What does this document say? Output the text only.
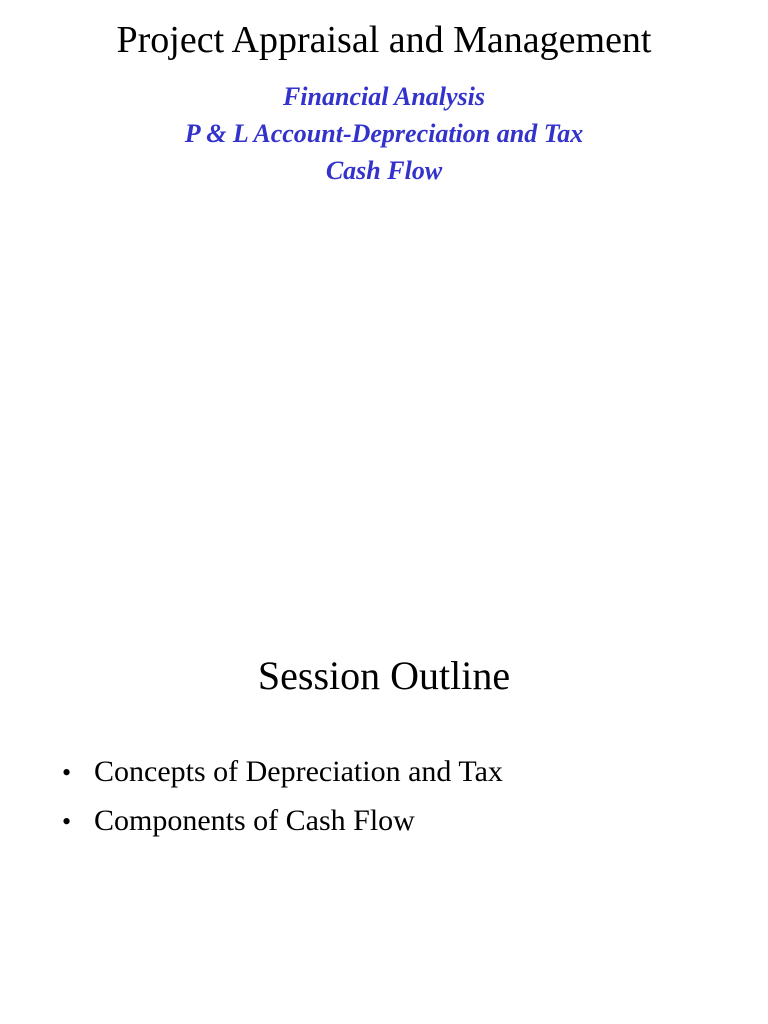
Project Appraisal and Management
Financial Analysis
P & L Account-Depreciation and Tax
Cash Flow
Session Outline
• Concepts of Depreciation and Tax
• Components of Cash Flow
